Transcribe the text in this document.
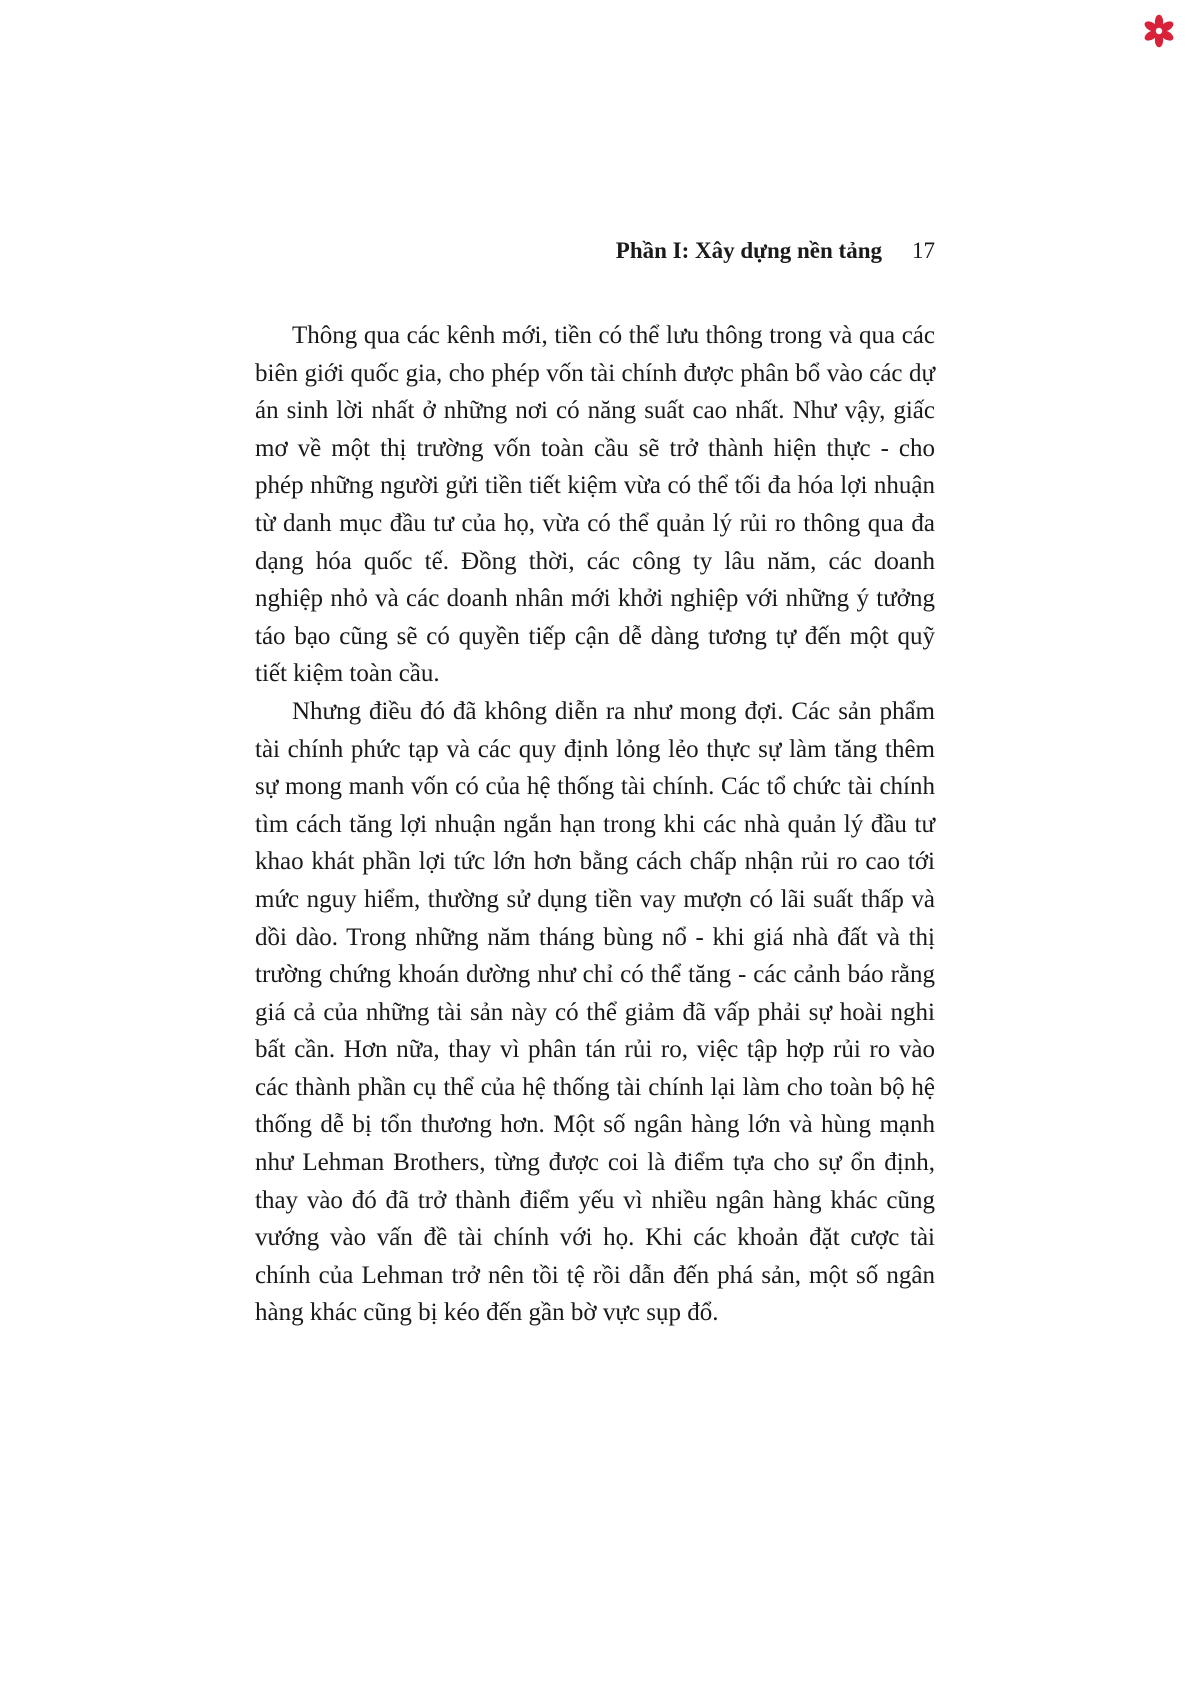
Phần I: Xây dựng nền tảng 17

Thông qua các kênh mới, tiền có thể lưu thông trong và qua các biên giới quốc gia, cho phép vốn tài chính được phân bổ vào các dự án sinh lời nhất ở những nơi có năng suất cao nhất. Như vậy, giấc mơ về một thị trường vốn toàn cầu sẽ trở thành hiện thực - cho phép những người gửi tiền tiết kiệm vừa có thể tối đa hóa lợi nhuận từ danh mục đầu tư của họ, vừa có thể quản lý rủi ro thông qua đa dạng hóa quốc tế. Đồng thời, các công ty lâu năm, các doanh nghiệp nhỏ và các doanh nhân mới khởi nghiệp với những ý tưởng táo bạo cũng sẽ có quyền tiếp cận dễ dàng tương tự đến một quỹ tiết kiệm toàn cầu.

Nhưng điều đó đã không diễn ra như mong đợi. Các sản phẩm tài chính phức tạp và các quy định lỏng lẻo thực sự làm tăng thêm sự mong manh vốn có của hệ thống tài chính. Các tổ chức tài chính tìm cách tăng lợi nhuận ngắn hạn trong khi các nhà quản lý đầu tư khao khát phần lợi tức lớn hơn bằng cách chấp nhận rủi ro cao tới mức nguy hiểm, thường sử dụng tiền vay mượn có lãi suất thấp và dồi dào. Trong những năm tháng bùng nổ - khi giá nhà đất và thị trường chứng khoán dường như chỉ có thể tăng - các cảnh báo rằng giá cả của những tài sản này có thể giảm đã vấp phải sự hoài nghi bất cần. Hơn nữa, thay vì phân tán rủi ro, việc tập hợp rủi ro vào các thành phần cụ thể của hệ thống tài chính lại làm cho toàn bộ hệ thống dễ bị tổn thương hơn. Một số ngân hàng lớn và hùng mạnh như Lehman Brothers, từng được coi là điểm tựa cho sự ổn định, thay vào đó đã trở thành điểm yếu vì nhiều ngân hàng khác cũng vướng vào vấn đề tài chính với họ. Khi các khoản đặt cược tài chính của Lehman trở nên tồi tệ rồi dẫn đến phá sản, một số ngân hàng khác cũng bị kéo đến gần bờ vực sụp đổ.
